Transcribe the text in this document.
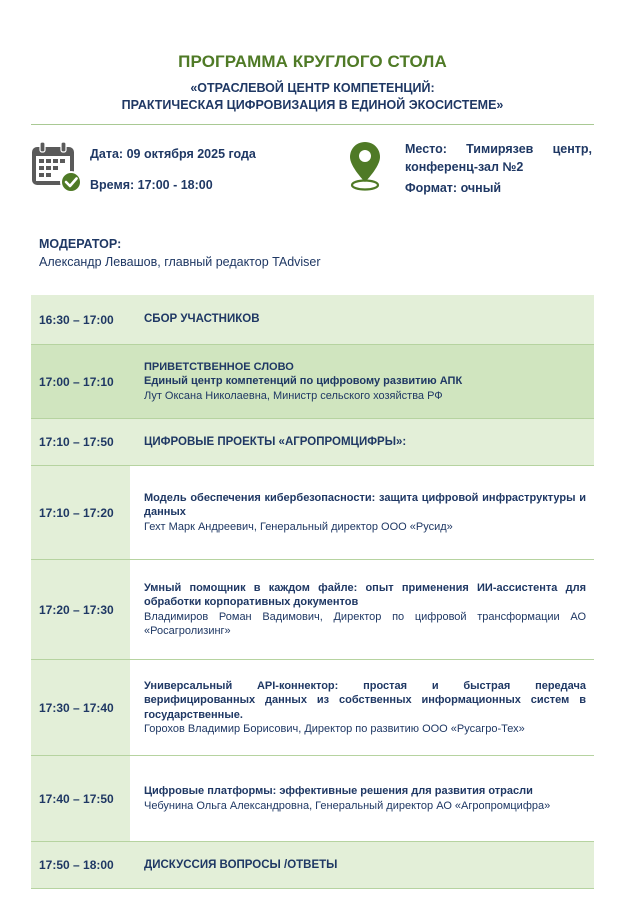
ПРОГРАММА КРУГЛОГО СТОЛА
«ОТРАСЛЕВОЙ ЦЕНТР КОМПЕТЕНЦИЙ:
ПРАКТИЧЕСКАЯ ЦИФРОВИЗАЦИЯ В ЕДИНОЙ ЭКОСИСТЕМЕ»
Дата: 09 октября 2025 года
Время: 17:00 - 18:00
Место: Тимирязев центр, конференц-зал №2
Формат: очный
МОДЕРАТОР:
Александр Левашов, главный редактор TAdviser
16:30 – 17:00	СБОР УЧАСТНИКОВ
17:00 – 17:10
ПРИВЕТСТВЕННОЕ СЛОВО
Единый центр компетенций по цифровому развитию АПК
Лут Оксана Николаевна, Министр сельского хозяйства РФ
17:10 – 17:50	ЦИФРОВЫЕ ПРОЕКТЫ «АГРОПРОМЦИФРЫ»:
17:10 – 17:20
Модель обеспечения кибербезопасности: защита цифровой инфраструктуры и данных
Гехт Марк Андреевич, Генеральный директор ООО «Русид»
17:20 – 17:30
Умный помощник в каждом файле: опыт применения ИИ-ассистента для обработки корпоративных документов
Владимиров Роман Вадимович, Директор по цифровой трансформации АО «Росагролизинг»
17:30 – 17:40
Универсальный API-коннектор: простая и быстрая передача верифицированных данных из собственных информационных систем в государственные.
Горохов Владимир Борисович, Директор по развитию ООО «Русагро-Тех»
17:40 – 17:50
Цифровые платформы: эффективные решения для развития отрасли
Чебунина Ольга Александровна, Генеральный директор АО «Агропромцифра»
17:50 – 18:00	ДИСКУССИЯ ВОПРОСЫ /ОТВЕТЫ
